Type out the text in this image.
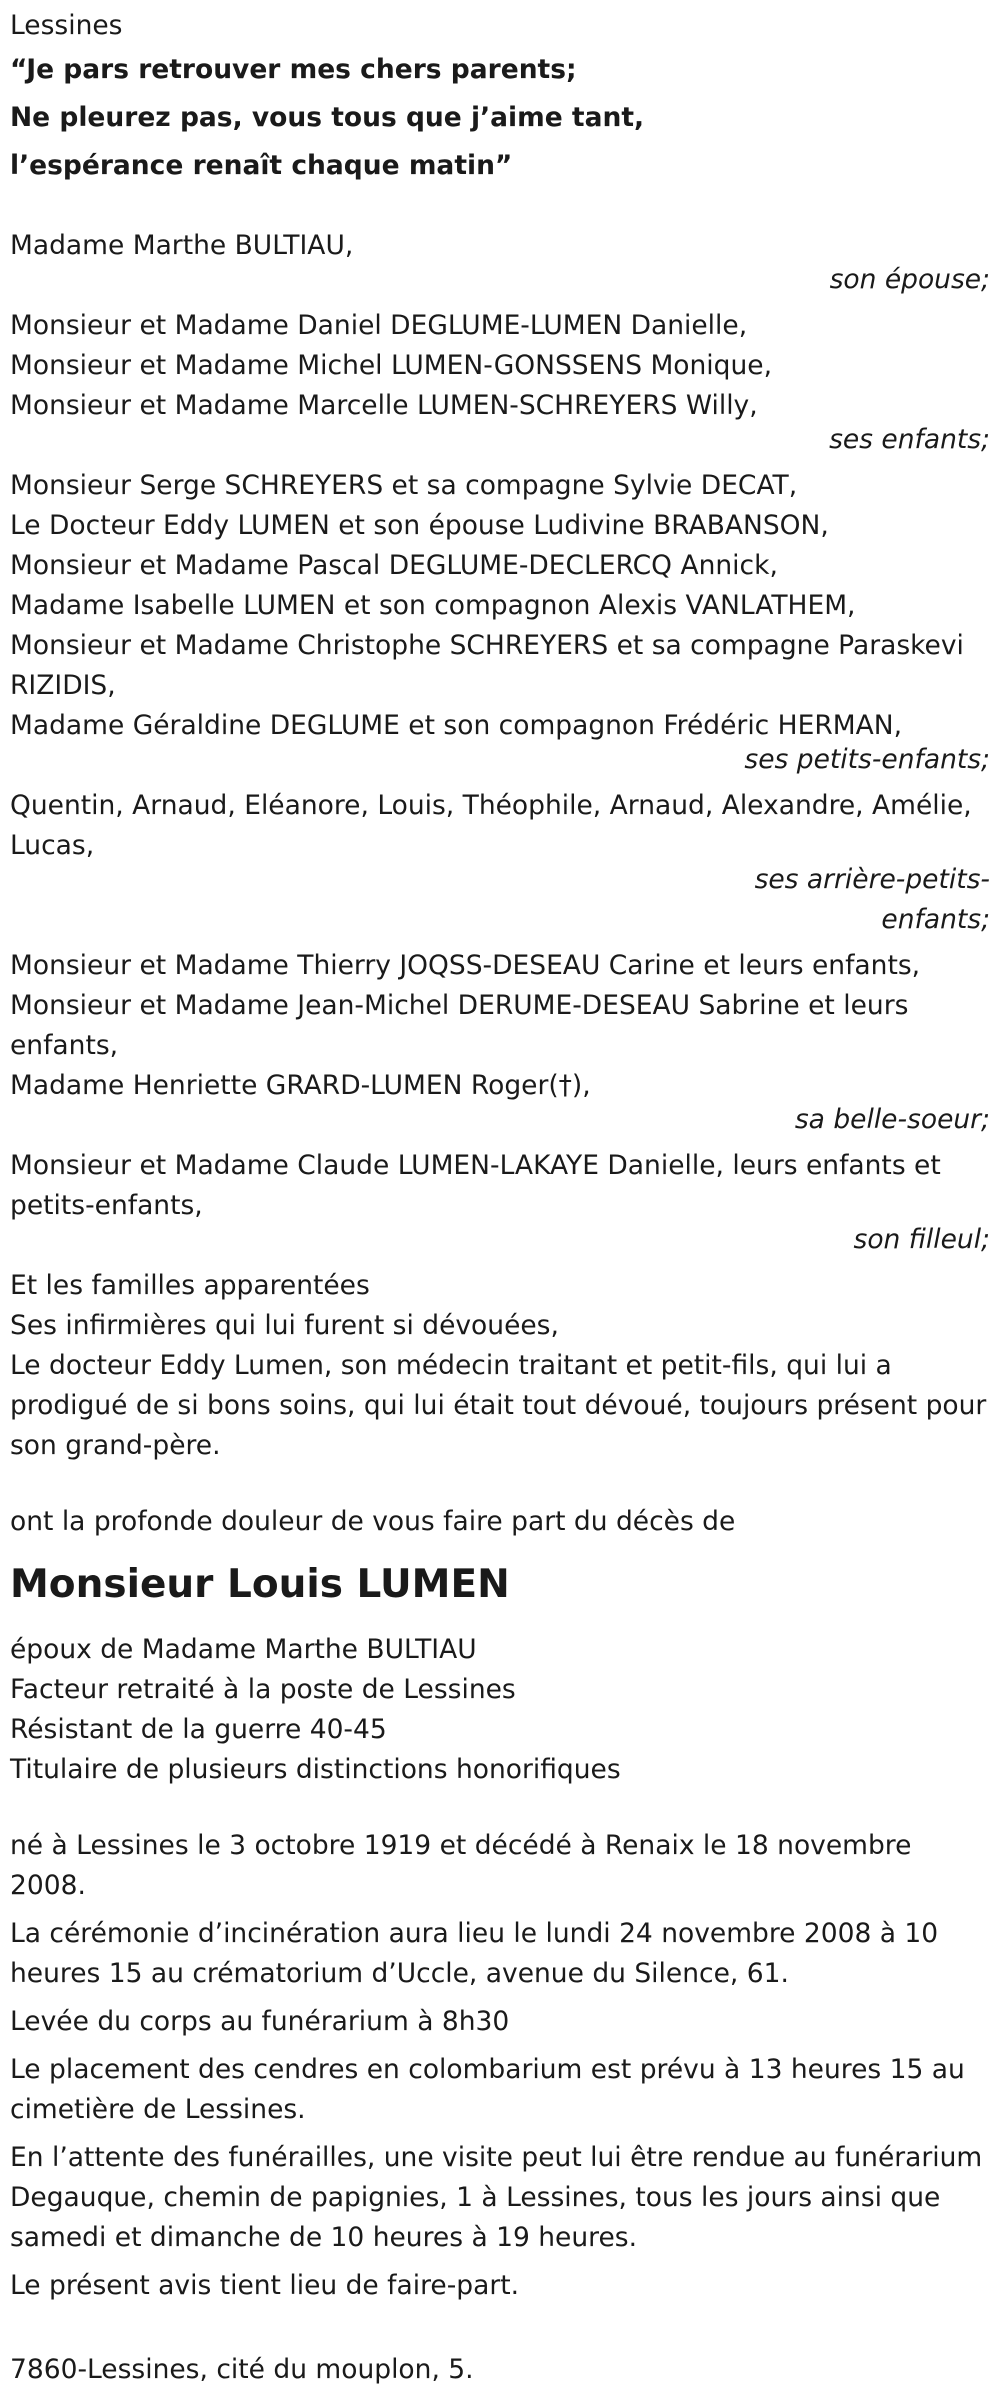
Lessines
“Je pars retrouver mes chers parents;
Ne pleurez pas, vous tous que j’aime tant,
l’espérance renaît chaque matin”
Madame Marthe BULTIAU,
son épouse;
Monsieur et Madame Daniel DEGLUME-LUMEN Danielle,
Monsieur et Madame Michel LUMEN-GONSSENS Monique,
Monsieur et Madame Marcelle LUMEN-SCHREYERS Willy,
ses enfants;
Monsieur Serge SCHREYERS et sa compagne Sylvie DECAT,
Le Docteur Eddy LUMEN et son épouse Ludivine BRABANSON,
Monsieur et Madame Pascal DEGLUME-DECLERCQ Annick,
Madame Isabelle LUMEN et son compagnon Alexis VANLATHEM,
Monsieur et Madame Christophe SCHREYERS et sa compagne Paraskevi RIZIDIS,
Madame Géraldine DEGLUME et son compagnon Frédéric HERMAN,
ses petits-enfants;
Quentin, Arnaud, Eléanore, Louis, Théophile, Arnaud, Alexandre, Amélie, Lucas,
ses arrière-petits-enfants;
Monsieur et Madame Thierry JOQSS-DESEAU Carine et leurs enfants,
Monsieur et Madame Jean-Michel DERUME-DESEAU Sabrine et leurs enfants,
Madame Henriette GRARD-LUMEN Roger(†),
sa belle-soeur;
Monsieur et Madame Claude LUMEN-LAKAYE Danielle, leurs enfants et petits-enfants,
son filleul;
Et les familles apparentées
Ses infirmières qui lui furent si dévouées,
Le docteur Eddy Lumen, son médecin traitant et petit-fils, qui lui a prodigué de si bons soins, qui lui était tout dévoué, toujours présent pour son grand-père.
ont la profonde douleur de vous faire part du décès de
Monsieur Louis LUMEN
époux de Madame Marthe BULTIAU
Facteur retraité à la poste de Lessines
Résistant de la guerre 40-45
Titulaire de plusieurs distinctions honorifiques

né à Lessines le 3 octobre 1919 et décédé à Renaix le 18 novembre 2008.

La cérémonie d’incinération aura lieu le lundi 24 novembre 2008 à 10 heures 15 au crématorium d’Uccle, avenue du Silence, 61.

Levée du corps au funérarium à 8h30

Le placement des cendres en colombarium est prévu à 13 heures 15 au cimetière de Lessines.

En l’attente des funérailles, une visite peut lui être rendue au funérarium Degauque, chemin de papignies, 1 à Lessines, tous les jours ainsi que samedi et dimanche de 10 heures à 19 heures.

Le présent avis tient lieu de faire-part.

7860-Lessines, cité du mouplon, 5.
